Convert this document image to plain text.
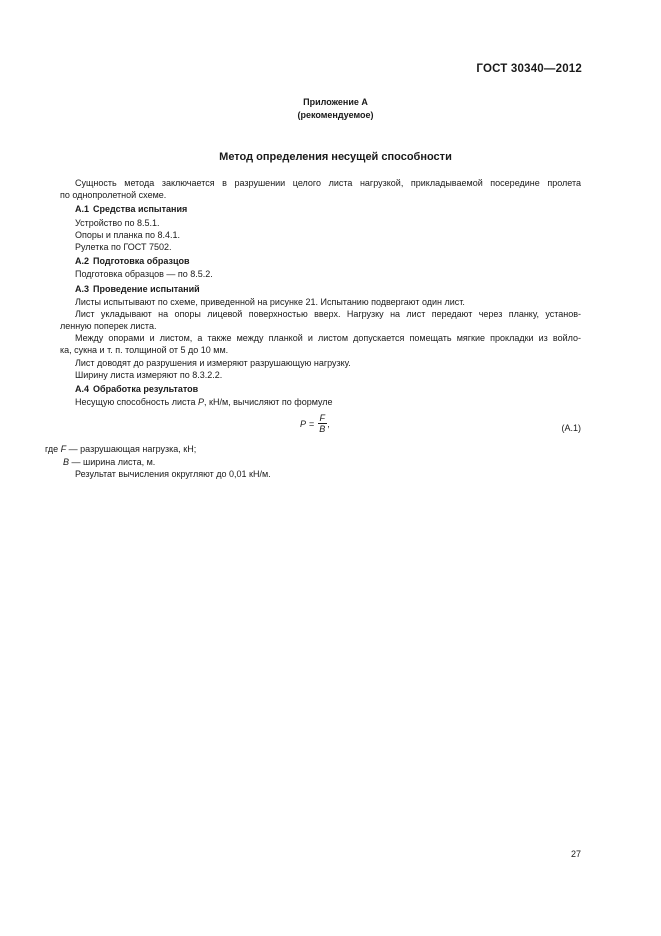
ГОСТ 30340—2012
Приложение А
(рекомендуемое)
Метод определения несущей способности
Сущность метода заключается в разрушении целого листа нагрузкой, прикладываемой посередине пролета
по однопролетной схеме.
А.1 Средства испытания
Устройство по 8.5.1.
Опоры и планка по 8.4.1.
Рулетка по ГОСТ 7502.
А.2 Подготовка образцов
Подготовка образцов — по 8.5.2.
А.3 Проведение испытаний
Листы испытывают по схеме, приведенной на рисунке 21. Испытанию подвергают один лист.
Лист укладывают на опоры лицевой поверхностью вверх. Нагрузку на лист передают через планку, установ-
ленную поперек листа.
Между опорами и листом, а также между планкой и листом допускается помещать мягкие прокладки из войло-
ка, сукна и т. п. толщиной от 5 до 10 мм.
Лист доводят до разрушения и измеряют разрушающую нагрузку.
Ширину листа измеряют по 8.3.2.2.
А.4 Обработка результатов
Несущую способность листа P, кН/м, вычисляют по формуле
$P = \frac{F}{B}$ ,	(А.1)
где F — разрушающая нагрузка, кН;
B — ширина листа, м.
Результат вычисления округляют до 0,01 кН/м.
27
